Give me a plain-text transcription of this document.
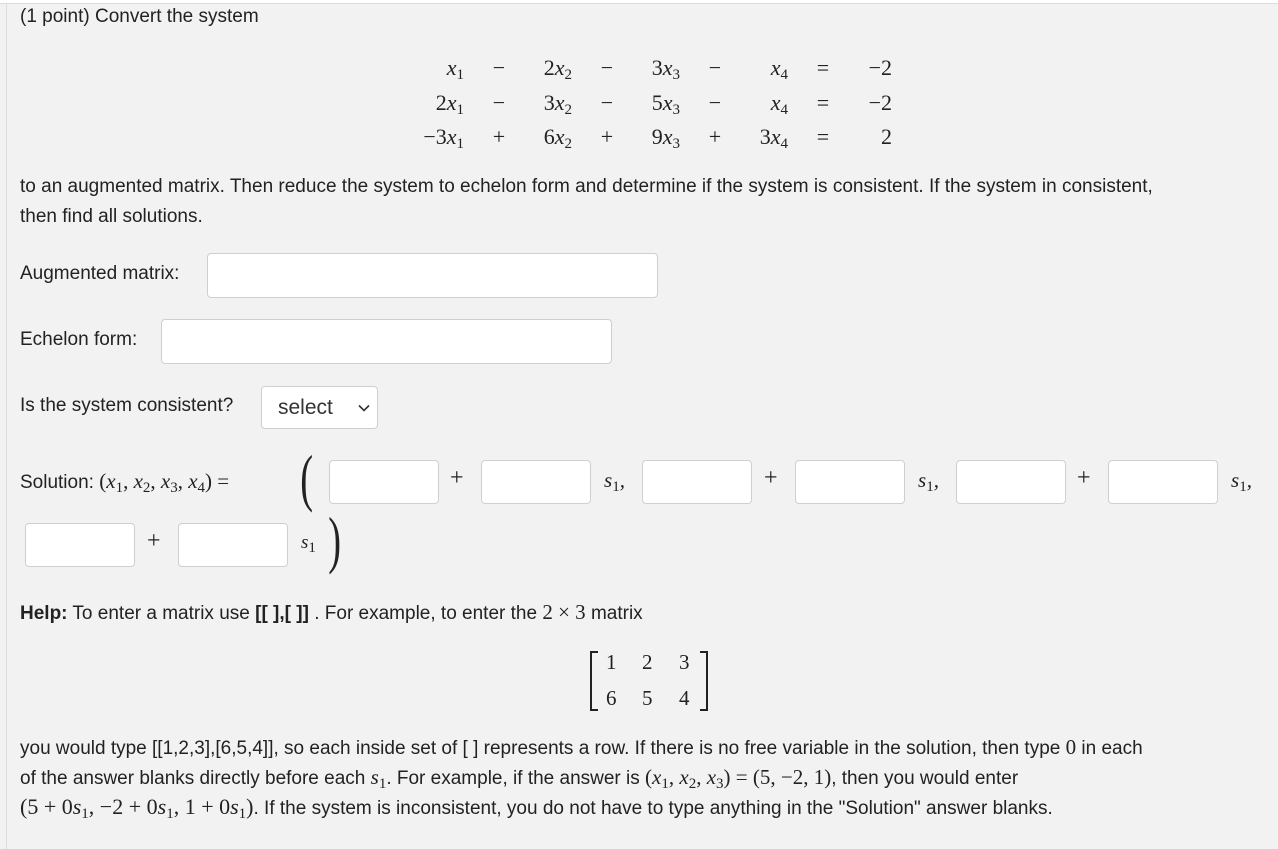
(1 point) Convert the system
$x_1$	−	$2x_2$	−	$3x_3$	−	$x_4$	=	−2
$2x_1$	−	$3x_2$	−	$5x_3$	−	$x_4$	=	−2
$-3x_1$	+	$6x_2$	+	$9x_3$	+	$3x_4$	=	2
to an augmented matrix. Then reduce the system to echelon form and determine if the system is consistent. If the system in consistent,
then find all solutions.
Augmented matrix:
Echelon form:
Is the system consistent? select
Solution: ($x_1$, $x_2$, $x_3$, $x_4$) = (	+	$s_1$,	+	$s_1$,	+	$s_1$,
+	$s_1$ )
Help: To enter a matrix use [[ ],[ ]] . For example, to enter the 2 × 3 matrix
1 2 3
6 5 4
you would type [[1,2,3],[6,5,4]], so each inside set of [ ] represents a row. If there is no free variable in the solution, then type 0 in each
of the answer blanks directly before each $s_1$. For example, if the answer is ($x_1$, $x_2$, $x_3) = (5$, −2, 1), then you would enter
($5 + 0s_1$, $-2 + 0s_1$, $1 + 0s_1$). If the system is inconsistent, you do not have to type anything in the "Solution" answer blanks.
